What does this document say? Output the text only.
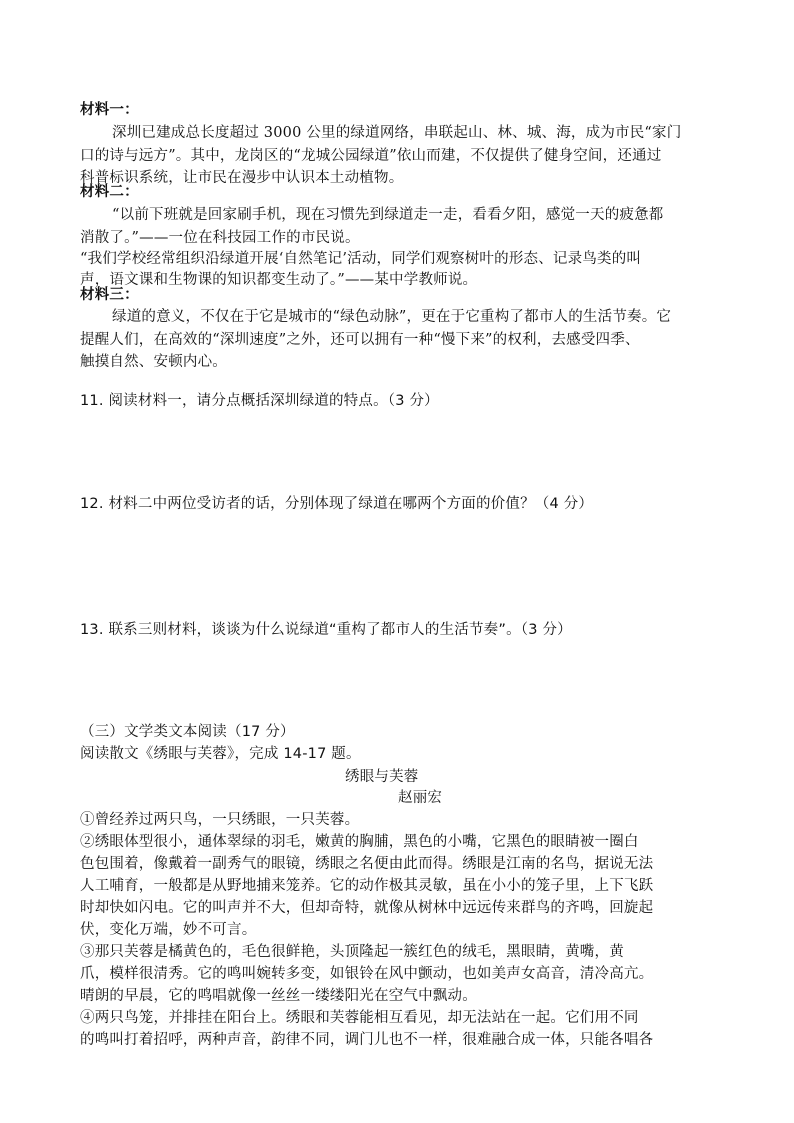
材料一：
深圳已建成总长度超过 3000 公里的绿道网络，串联起山、林、城、海，成为市民“家门
口的诗与远方”。其中，龙岗区的“龙城公园绿道”依山而建，不仅提供了健身空间，还通过
科普标识系统，让市民在漫步中认识本土动植物。
材料二：
“以前下班就是回家刷手机，现在习惯先到绿道走一走，看看夕阳，感觉一天的疲惫都
消散了。”——一位在科技园工作的市民说。
“我们学校经常组织沿绿道开展‘自然笔记’活动，同学们观察树叶的形态、记录鸟类的叫
声，语文课和生物课的知识都变生动了。”——某中学教师说。
材料三：
绿道的意义，不仅在于它是城市的“绿色动脉”，更在于它重构了都市人的生活节奏。它
提醒人们，在高效的“深圳速度”之外，还可以拥有一种“慢下来”的权利，去感受四季、
触摸自然、安顿内心。
11. 阅读材料一，请分点概括深圳绿道的特点。（3 分）
12. 材料二中两位受访者的话，分别体现了绿道在哪两个方面的价值？（4 分）
13. 联系三则材料，谈谈为什么说绿道“重构了都市人的生活节奏”。（3 分）
（三）文学类文本阅读（17 分）
阅读散文《绣眼与芙蓉》，完成 14-17 题。
绣眼与芙蓉
赵丽宏
①曾经养过两只鸟，一只绣眼，一只芙蓉。
②绣眼体型很小，通体翠绿的羽毛，嫩黄的胸脯，黑色的小嘴，它黑色的眼睛被一圈白
色包围着，像戴着一副秀气的眼镜，绣眼之名便由此而得。绣眼是江南的名鸟，据说无法
人工哺育，一般都是从野地捕来笼养。它的动作极其灵敏，虽在小小的笼子里，上下飞跃
时却快如闪电。它的叫声并不大，但却奇特，就像从树林中远远传来群鸟的齐鸣，回旋起
伏，变化万端，妙不可言。
③那只芙蓉是橘黄色的，毛色很鲜艳，头顶隆起一簇红色的绒毛，黑眼睛，黄嘴，黄
爪，模样很清秀。它的鸣叫婉转多变，如银铃在风中颤动，也如美声女高音，清冷高亢。
晴朗的早晨，它的鸣唱就像一丝丝一缕缕阳光在空气中飘动。
④两只鸟笼，并排挂在阳台上。绣眼和芙蓉能相互看见，却无法站在一起。它们用不同
的鸣叫打着招呼，两种声音，韵律不同，调门儿也不一样，很难融合成一体，只能各唱各
